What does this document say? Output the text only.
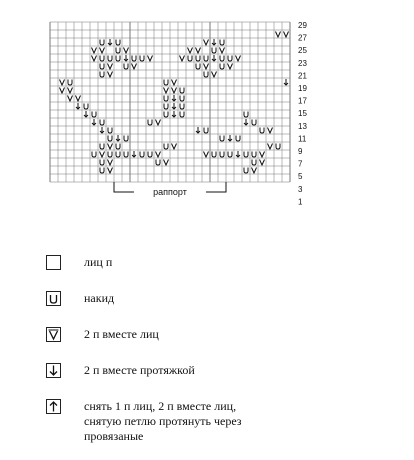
29
27
25
23
21
19
17
15
13
11
9
7
5
3
1
раппорт
лиц п
накид
2 п вместе лиц
2 п вместе протяжкой
снять 1 п лиц, 2 п вместе лиц,
снятую петлю протянуть через
провязаные
